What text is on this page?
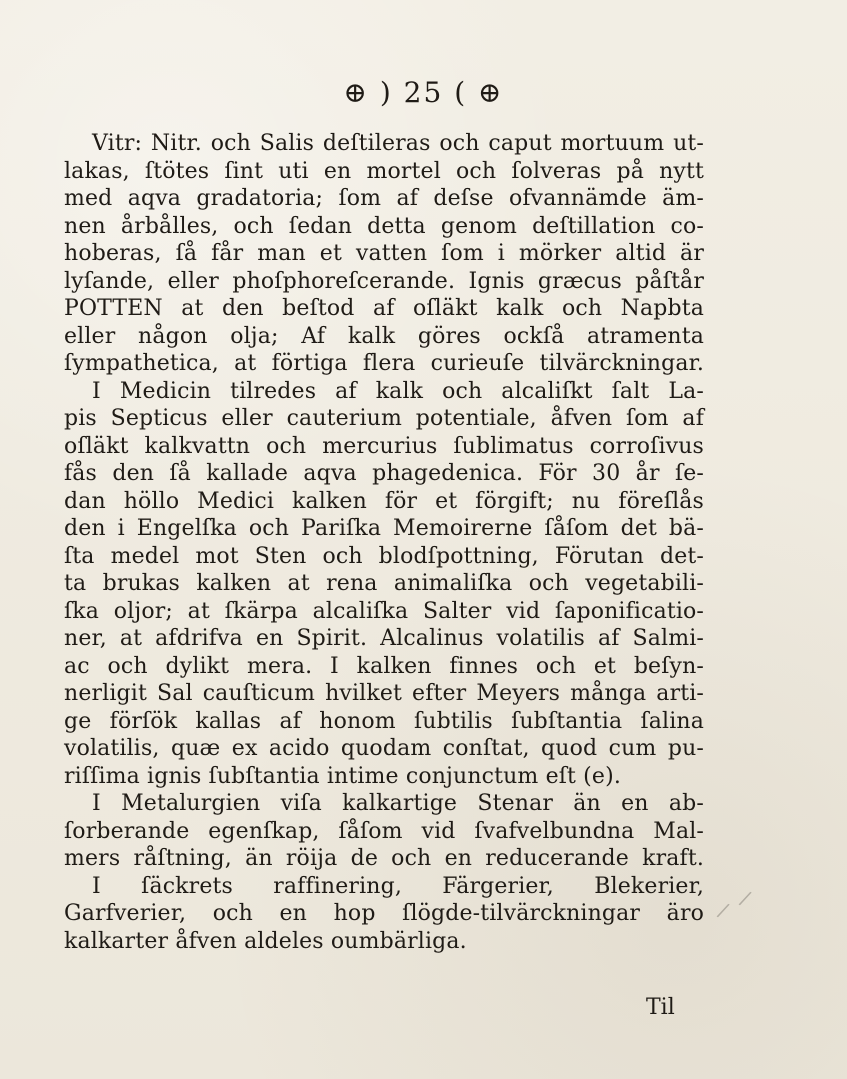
⊕ ) 25 ( ⊕
Vitr: Nitr. och Salis deſtileras och caput mortuum ut-
lakas, ſtötes ſint uti en mortel och ſolveras på nytt
med aqva gradatoria; ſom af deſse ofvannämde äm-
nen årbålles, och ſedan detta genom deſtillation co-
hoberas, ſå får man et vatten ſom i mörker altid är
lyſande, eller phoſphoreſcerande. Ignis græcus påſtår
POTTEN at den beſtod af oſläkt kalk och Napbta
eller någon olja; Af kalk göres ockſå atramenta
ſympathetica, at förtiga flera curieuſe tilvärckningar.
I Medicin tilredes af kalk och alcaliſkt ſalt La-
pis Septicus eller cauterium potentiale, åfven ſom af
oſläkt kalkvattn och mercurius ſublimatus corroſivus
fås den ſå kallade aqva phagedenica. För 30 år ſe-
dan höllo Medici kalken för et förgift; nu föreſlås
den i Engelſka och Pariſka Memoirerne ſåſom det bä-
ſta medel mot Sten och blodſpottning, Förutan det-
ta brukas kalken at rena animaliſka och vegetabili-
ſka oljor; at ſkärpa alcaliſka Salter vid ſaponificatio-
ner, at afdrifva en Spirit. Alcalinus volatilis af Salmi-
ac och dylikt mera. I kalken finnes och et beſyn-
nerligit Sal cauſticum hvilket efter Meyers många arti-
ge förſök kallas af honom ſubtilis ſubſtantia ſalina
volatilis, quæ ex acido quodam conſtat, quod cum pu-
riſſima ignis ſubſtantia intime conjunctum eſt (e).
I Metalurgien viſa kalkartige Stenar än en ab-
ſorberande egenſkap, ſåſom vid ſvafvelbundna Mal-
mers råſtning, än röija de och en reducerande kraft.
I ſäckrets raffinering, Färgerier, Blekerier,
Garfverier, och en hop ſlögde-tilvärckningar äro
kalkarter åfven aldeles oumbärliga.
Til
/ /
